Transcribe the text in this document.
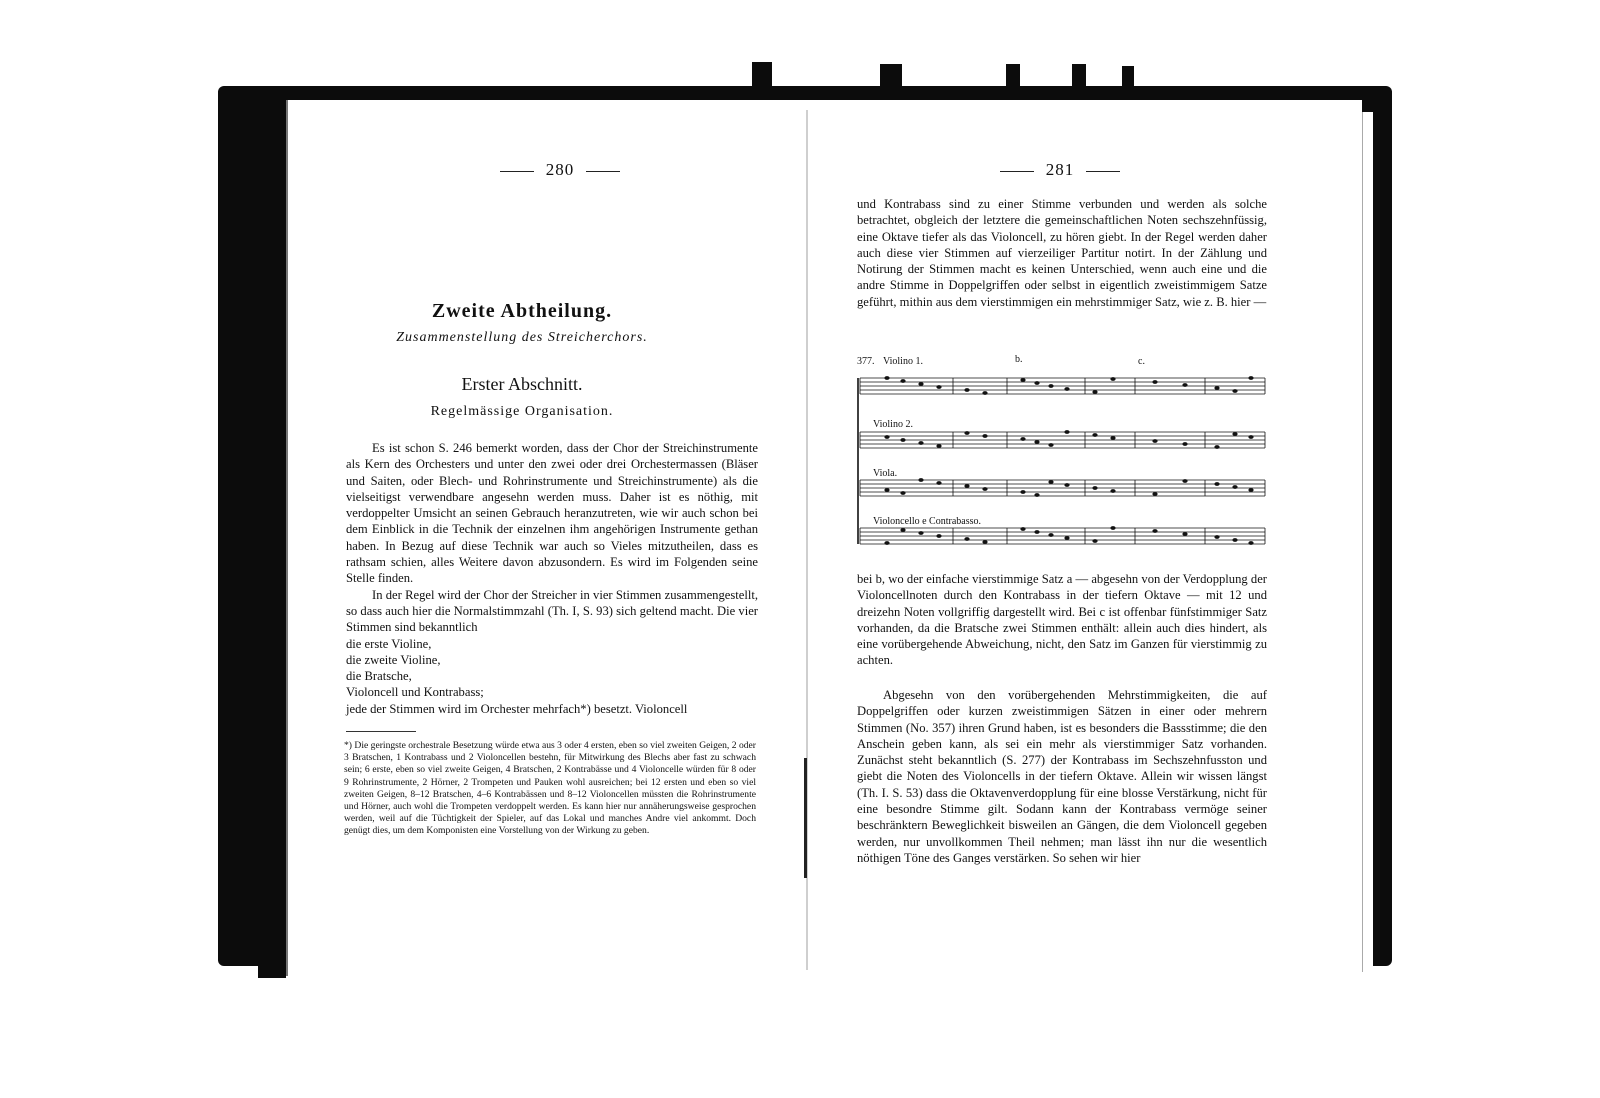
280
Zweite Abtheilung.
Zusammenstellung des Streicherchors.
Erster Abschnitt.
Regelmässige Organisation.

Es ist schon S. 246 bemerkt worden, dass der Chor der Streichinstrumente als Kern des Orchesters und unter den zwei oder drei Orchestermassen (Bläser und Saiten, oder Blech- und Rohrinstrumente und Streichinstrumente) als die vielseitigst verwendbare angesehn werden muss. Daher ist es nöthig, mit verdoppelter Umsicht an seinen Gebrauch heranzutreten, wie wir auch schon bei dem Einblick in die Technik der einzelnen ihm angehörigen Instrumente gethan haben. In Bezug auf diese Technik war auch so Vieles mitzutheilen, dass es rathsam schien, alles Weitere davon abzusondern. Es wird im Folgenden seine Stelle finden.

In der Regel wird der Chor der Streicher in vier Stimmen zusammengestellt, so dass auch hier die Normalstimmzahl (Th. I, S. 93) sich geltend macht. Die vier Stimmen sind bekanntlich

die erste Violine,

die zweite Violine,

die Bratsche,

Violoncell und Kontrabass;

jede der Stimmen wird im Orchester mehrfach*) besetzt. Violoncell

*) Die geringste orchestrale Besetzung würde etwa aus 3 oder 4 ersten, eben so viel zweiten Geigen, 2 oder 3 Bratschen, 1 Kontrabass und 2 Violoncellen bestehn, für Mitwirkung des Blechs aber fast zu schwach sein; 6 erste, eben so viel zweite Geigen, 4 Bratschen, 2 Kontrabässe und 4 Violoncelle würden für 8 oder 9 Rohrinstrumente, 2 Hörner, 2 Trompeten und Pauken wohl ausreichen; bei 12 ersten und eben so viel zweiten Geigen, 8–12 Bratschen, 4–6 Kontrabässen und 8–12 Violoncellen müssten die Rohrinstrumente und Hörner, auch wohl die Trompeten verdoppelt werden. Es kann hier nur annäherungsweise gesprochen werden, weil auf die Tüchtigkeit der Spieler, auf das Lokal und manches Andre viel ankommt. Doch genügt dies, um dem Komponisten eine Vorstellung von der Wirkung zu geben.
281

und Kontrabass sind zu einer Stimme verbunden und werden als solche betrachtet, obgleich der letztere die gemeinschaftlichen Noten sechszehnfüssig, eine Oktave tiefer als das Violoncell, zu hören giebt. In der Regel werden daher auch diese vier Stimmen auf vierzeiliger Partitur notirt. In der Zählung und Notirung der Stimmen macht es keinen Unterschied, wenn auch eine und die andre Stimme in Doppelgriffen oder selbst in eigentlich zweistimmigem Satze geführt, mithin aus dem vierstimmigen ein mehrstimmiger Satz, wie z. B. hier —

377. Violino 1.
Violino 2.
Viola.
Violoncello e Contrabasso.
b.	c.

bei b, wo der einfache vierstimmige Satz a — abgesehn von der Verdopplung der Violoncellnoten durch den Kontrabass in der tiefern Oktave — mit 12 und dreizehn Noten vollgriffig dargestellt wird. Bei c ist offenbar fünfstimmiger Satz vorhanden, da die Bratsche zwei Stimmen enthält: allein auch dies hindert, als eine vorübergehende Abweichung, nicht, den Satz im Ganzen für vierstimmig zu achten.

Abgesehn von den vorübergehenden Mehrstimmigkeiten, die auf Doppelgriffen oder kurzen zweistimmigen Sätzen in einer oder mehrern Stimmen (No. 357) ihren Grund haben, ist es besonders die Bassstimme; die den Anschein geben kann, als sei ein mehr als vierstimmiger Satz vorhanden. Zunächst steht bekanntlich (S. 277) der Kontrabass im Sechszehnfusston und giebt die Noten des Violoncells in der tiefern Oktave. Allein wir wissen längst (Th. I. S. 53) dass die Oktavenverdopplung für eine blosse Verstärkung, nicht für eine besondre Stimme gilt. Sodann kann der Kontrabass vermöge seiner beschränktern Beweglichkeit bisweilen an Gängen, die dem Violoncell gegeben werden, nur unvollkommen Theil nehmen; man lässt ihn nur die wesentlich nöthigen Töne des Ganges verstärken. So sehen wir hier
